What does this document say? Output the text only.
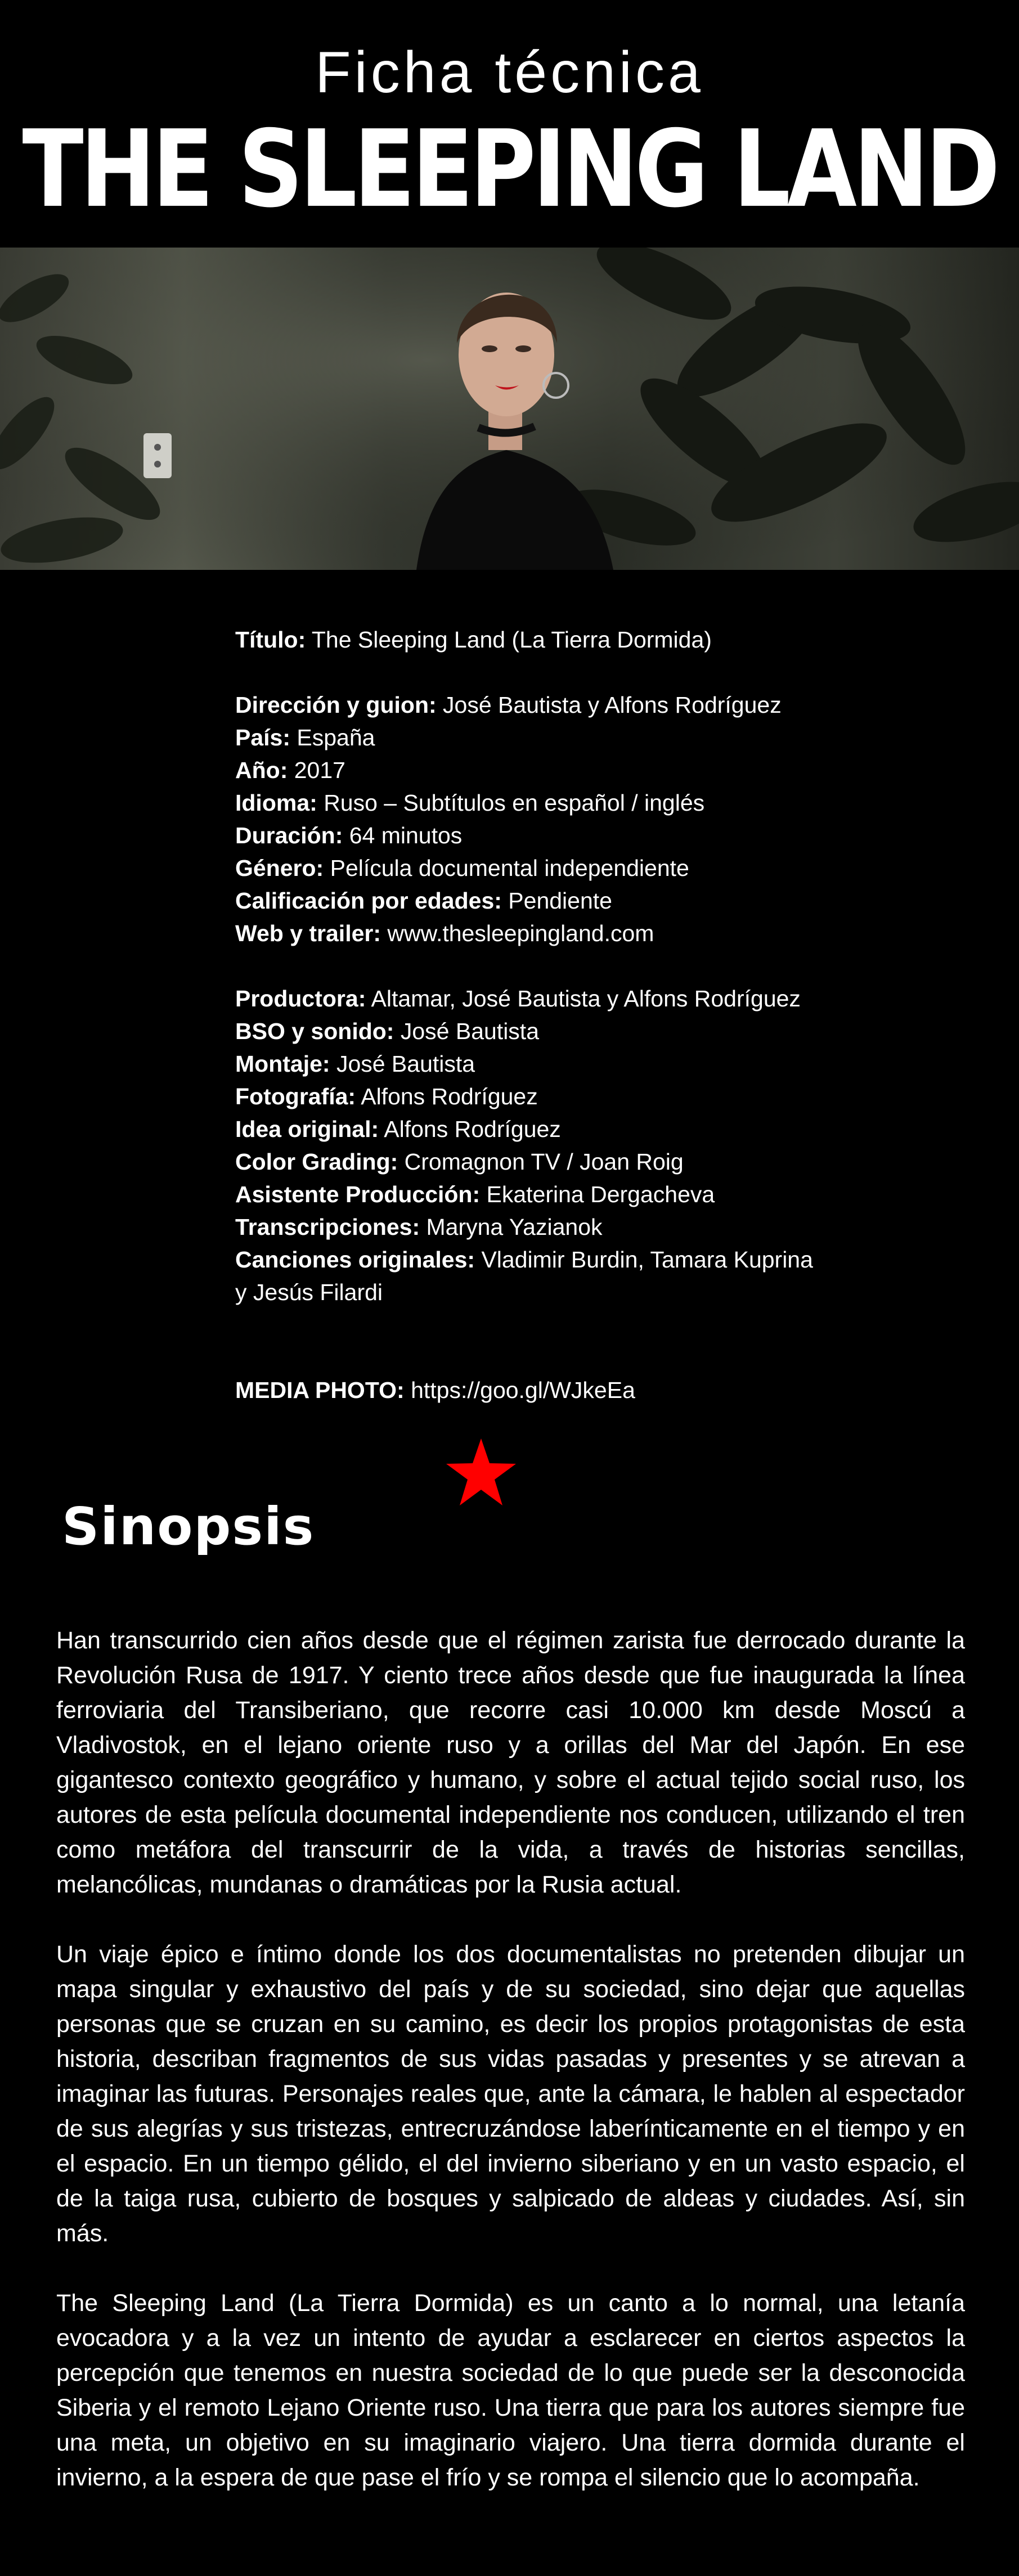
Ficha técnica
THE SLEEPING LAND
Título: The Sleeping Land (La Tierra Dormida)
Dirección y guion: José Bautista y Alfons Rodríguez
País: España
Año: 2017
Idioma: Ruso – Subtítulos en español / inglés
Duración: 64 minutos
Género: Película documental independiente
Calificación por edades: Pendiente
Web y trailer: www.thesleepingland.com
Productora: Altamar, José Bautista y Alfons Rodríguez
BSO y sonido: José Bautista
Montaje: José Bautista
Fotografía: Alfons Rodríguez
Idea original: Alfons Rodríguez
Color Grading: Cromagnon TV / Joan Roig
Asistente Producción: Ekaterina Dergacheva
Transcripciones: Maryna Yazianok
Canciones originales: Vladimir Burdin, Tamara Kuprina
y Jesús Filardi
MEDIA PHOTO: https://goo.gl/WJkeEa
Sinopsis

Han transcurrido cien años desde que el régimen zarista fue derrocado durante la Revolución Rusa de 1917. Y ciento trece años desde que fue inaugurada la línea ferroviaria del Transiberiano, que recorre casi 10.000 km desde Moscú a Vladivostok, en el lejano oriente ruso y a orillas del Mar del Japón. En ese gigantesco contexto geográfico y humano, y sobre el actual tejido social ruso, los autores de esta película documental independiente nos conducen, utilizando el tren como metáfora del transcurrir de la vida, a través de historias sencillas, melancólicas, mundanas o dramáticas por la Rusia actual.

Un viaje épico e íntimo donde los dos documentalistas no pretenden dibujar un mapa singular y exhaustivo del país y de su sociedad, sino dejar que aquellas personas que se cruzan en su camino, es decir los propios protagonistas de esta historia, describan fragmentos de sus vidas pasadas y presentes y se atrevan a imaginar las futuras. Personajes reales que, ante la cámara, le hablen al espectador de sus alegrías y sus tristezas, entrecruzándose laberínticamente en el tiempo y en el espacio. En un tiempo gélido, el del invierno siberiano y en un vasto espacio, el de la taiga rusa, cubierto de bosques y salpicado de aldeas y ciudades. Así, sin más.

The Sleeping Land (La Tierra Dormida) es un canto a lo normal, una letanía evocadora y a la vez un intento de ayudar a esclarecer en ciertos aspectos la percepción que tenemos en nuestra sociedad de lo que puede ser la desconocida Siberia y el remoto Lejano Oriente ruso. Una tierra que para los autores siempre fue una meta, un objetivo en su imaginario viajero. Una tierra dormida durante el invierno, a la espera de que pase el frío y se rompa el silencio que lo acompaña.
